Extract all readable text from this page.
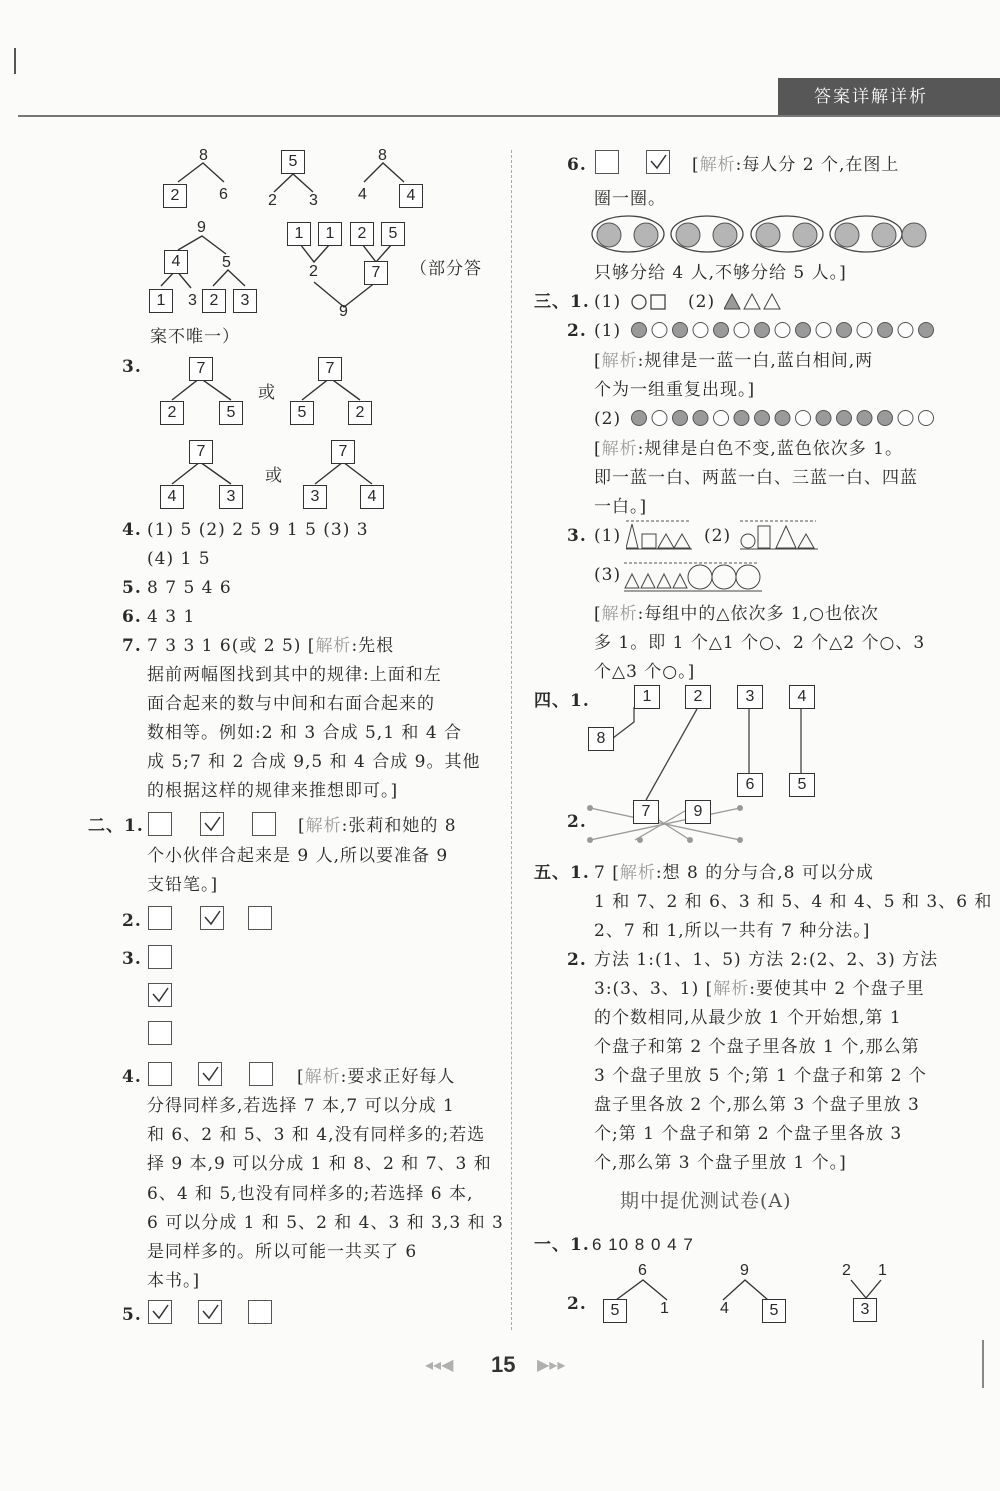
答案详解详析
8
2	6
5
2 3
8
4	4
9
4	5
1	3 2	3
1	1	2	5
2	7
9
（部分答
案不唯一）
3.	7
2	5
或
7
5	2
7
4	3
或
7
3	4
4. (1) 5 (2) 2 5 9 1 5 (3) 3
(4) 1 5
5. 8 7 5 4 6
6. 4 3 1
7. 7 3 3 1 6(或 2 5) [解析:先根
据前两幅图找到其中的规律:上面和左
面合起来的数与中间和右面合起来的
数相等。例如:2 和 3 合成 5,1 和 4 合
成 5;7 和 2 合成 9,5 和 4 合成 9。其他
的根据这样的规律来推想即可。]
二、1.	[解析:张莉和她的 8
个小伙伴合起来是 9 人,所以要准备 9
支铅笔。]
2.
3.
4.	[解析:要求正好每人
分得同样多,若选择 7 本,7 可以分成 1
和 6、2 和 5、3 和 4,没有同样多的;若选
择 9 本,9 可以分成 1 和 8、2 和 7、3 和
6、4 和 5,也没有同样多的;若选择 6 本,
6 可以分成 1 和 5、2 和 4、3 和 3,3 和 3
是同样多的。所以可能一共买了 6
本书。]
5.
6.	[解析:每人分 2 个,在图上
圈一圈。
只够分给 4 人,不够分给 5 人。]
三、1. (1)	(2)
2. (1)
[解析:规律是一蓝一白,蓝白相间,两
个为一组重复出现。]
(2)
[解析:规律是白色不变,蓝色依次多 1。
即一蓝一白、两蓝一白、三蓝一白、四蓝
一白。]
3. (1)	(2)
(3)
[解析:每组中的△依次多 1,○也依次
多 1。即 1 个△1 个○、2 个△2 个○、3
个△3 个○。]
四、1.	1	2	3	4
8
7	9
6	5
2.
五、1. 7 [解析:想 8 的分与合,8 可以分成
1 和 7、2 和 6、3 和 5、4 和 4、5 和 3、6 和
2、7 和 1,所以一共有 7 种分法。]
2. 方法 1:(1、1、5) 方法 2:(2、2、3) 方法
3:(3、3、1) [解析:要使其中 2 个盘子里
的个数相同,从最少放 1 个开始想,第 1
个盘子和第 2 个盘子里各放 1 个,那么第
3 个盘子里放 5 个;第 1 个盘子和第 2 个
盘子里各放 2 个,那么第 3 个盘子里放 3
个;第 1 个盘子和第 2 个盘子里各放 3
个,那么第 3 个盘子里放 1 个。]
期中提优测试卷(A)
一、1. 6 10 8 0 4 7
2.
6
5	1
9
4	5
2 1
3
◂◂◀ 15 ▶▸▸
